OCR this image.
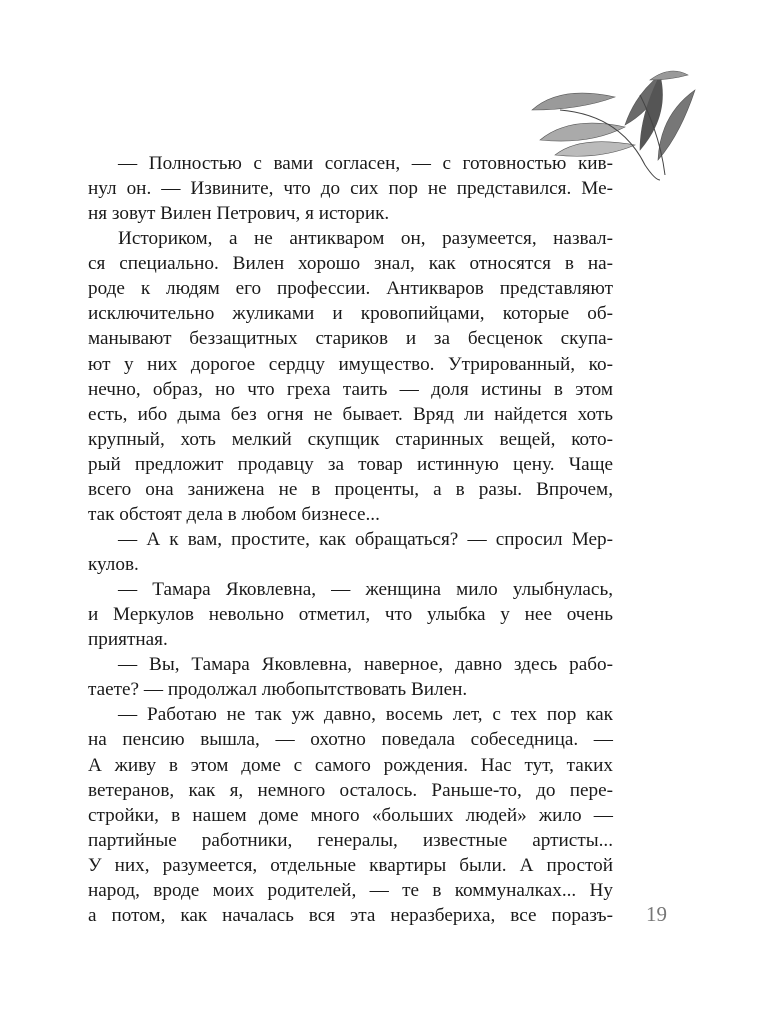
— Полностью с вами согласен, — с готовностью кив-
нул он. — Извините, что до сих пор не представился. Ме-
ня зовут Вилен Петрович, я историк.
Историком, а не антикваром он, разумеется, назвал-
ся специально. Вилен хорошо знал, как относятся в на-
роде к людям его профессии. Антикваров представляют
исключительно жуликами и кровопийцами, которые об-
манывают беззащитных стариков и за бесценок скупа-
ют у них дорогое сердцу имущество. Утрированный, ко-
нечно, образ, но что греха таить — доля истины в этом
есть, ибо дыма без огня не бывает. Вряд ли найдется хоть
крупный, хоть мелкий скупщик старинных вещей, кото-
рый предложит продавцу за товар истинную цену. Чаще
всего она занижена не в проценты, а в разы. Впрочем,
так обстоят дела в любом бизнесе...
— А к вам, простите, как обращаться? — спросил Мер-
кулов.
— Тамара Яковлевна, — женщина мило улыбнулась,
и Меркулов невольно отметил, что улыбка у нее очень
приятная.
— Вы, Тамара Яковлевна, наверное, давно здесь рабо-
таете? — продолжал любопытствовать Вилен.
— Работаю не так уж давно, восемь лет, с тех пор как
на пенсию вышла, — охотно поведала собеседница. —
А живу в этом доме с самого рождения. Нас тут, таких
ветеранов, как я, немного осталось. Раньше-то, до пере-
стройки, в нашем доме много «больших людей» жило —
партийные работники, генералы, известные артисты...
У них, разумеется, отдельные квартиры были. А простой
народ, вроде моих родителей, — те в коммуналках... Ну
а потом, как началась вся эта неразбериха, все поразъ- 19
